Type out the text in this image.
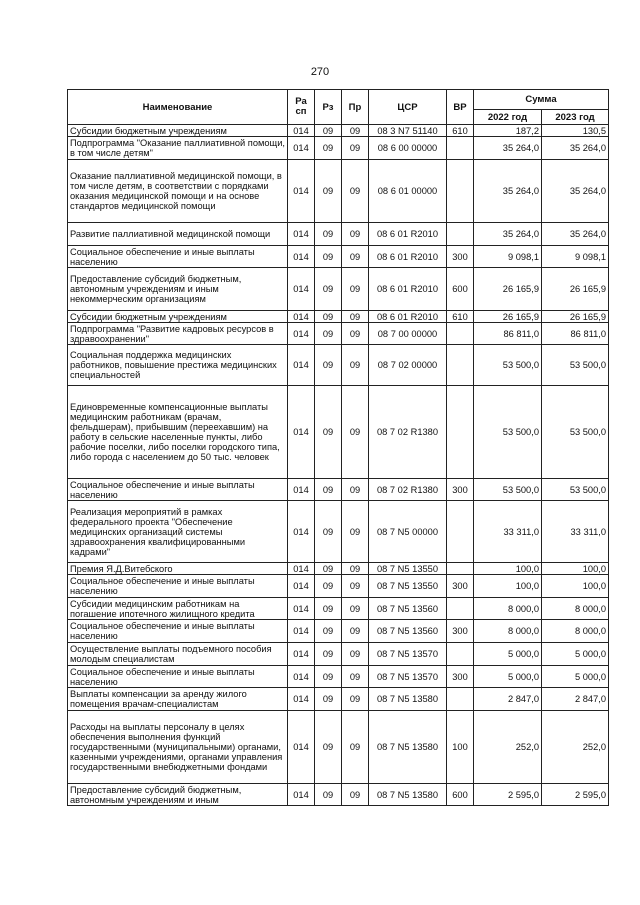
270
Наименование	Ра сп	Рз	Пр	ЦСР	ВР	Сумма	
						2022 год	2023 год
Субсидии бюджетным учреждениям	014	09	09	08 3 N7 51140	610	187,2	130,5
Подпрограмма "Оказание паллиативной помощи, в том числе детям"	014	09	09	08 6 00 00000		35 264,0	35 264,0
Оказание паллиативной медицинской помощи, в том числе детям, в соответствии с порядками оказания медицинской помощи и на основе стандартов медицинской помощи	014	09	09	08 6 01 00000		35 264,0	35 264,0
Развитие паллиативной медицинской помощи	014	09	09	08 6 01 R2010		35 264,0	35 264,0
Социальное обеспечение и иные выплаты населению	014	09	09	08 6 01 R2010	300	9 098,1	9 098,1
Предоставление субсидий бюджетным, автономным учреждениям и иным некоммерческим организациям	014	09	09	08 6 01 R2010	600	26 165,9	26 165,9
Субсидии бюджетным учреждениям	014	09	09	08 6 01 R2010	610	26 165,9	26 165,9
Подпрограмма "Развитие кадровых ресурсов в здравоохранении"	014	09	09	08 7 00 00000		86 811,0	86 811,0
Социальная поддержка медицинских работников, повышение престижа медицинских специальностей	014	09	09	08 7 02 00000		53 500,0	53 500,0
Единовременные компенсационные выплаты медицинским работникам (врачам, фельдшерам), прибывшим (переехавшим) на работу в сельские населенные пункты, либо рабочие поселки, либо поселки городского типа, либо города с населением до 50 тыс. человек	014	09	09	08 7 02 R1380		53 500,0	53 500,0
Социальное обеспечение и иные выплаты населению	014	09	09	08 7 02 R1380	300	53 500,0	53 500,0
Реализация мероприятий в рамках федерального проекта "Обеспечение медицинских организаций системы здравоохранения квалифицированными кадрами"	014	09	09	08 7 N5 00000		33 311,0	33 311,0
Премия Я.Д.Витебского	014	09	09	08 7 N5 13550		100,0	100,0
Социальное обеспечение и иные выплаты населению	014	09	09	08 7 N5 13550	300	100,0	100,0
Субсидии медицинским работникам на погашение ипотечного жилищного кредита	014	09	09	08 7 N5 13560		8 000,0	8 000,0
Социальное обеспечение и иные выплаты населению	014	09	09	08 7 N5 13560	300	8 000,0	8 000,0
Осуществление выплаты подъемного пособия молодым специалистам	014	09	09	08 7 N5 13570		5 000,0	5 000,0
Социальное обеспечение и иные выплаты населению	014	09	09	08 7 N5 13570	300	5 000,0	5 000,0
Выплаты компенсации за аренду жилого помещения врачам-специалистам	014	09	09	08 7 N5 13580		2 847,0	2 847,0
Расходы на выплаты персоналу в целях обеспечения выполнения функций государственными (муниципальными) органами, казенными учреждениями, органами управления государственными внебюджетными фондами	014	09	09	08 7 N5 13580	100	252,0	252,0
Предоставление субсидий бюджетным, автономным учреждениям и иным	014	09	09	08 7 N5 13580	600	2 595,0	2 595,0
